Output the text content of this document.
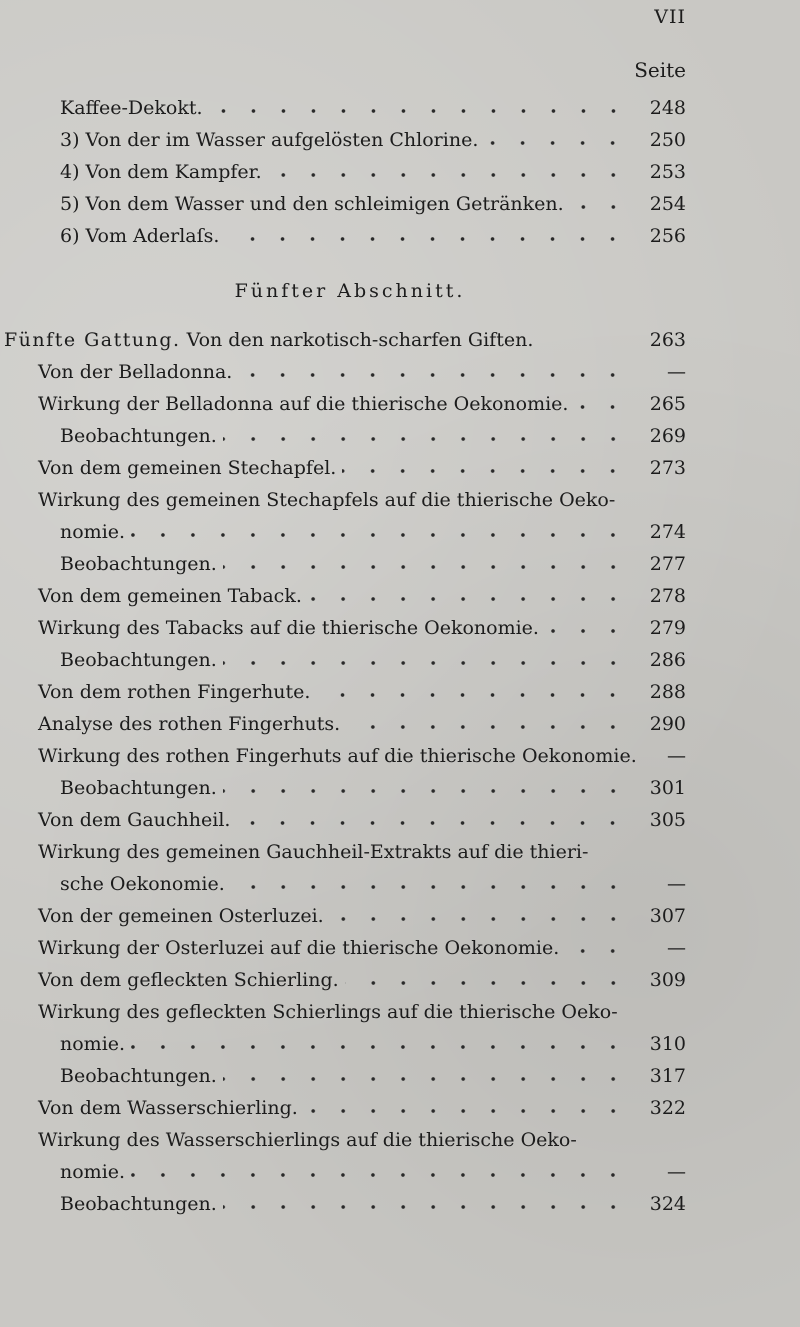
VII
Seite
Fünfter Abschnitt.
Kaffee-Dekokt.	248
3) Von der im Wasser aufgelösten Chlorine.	250
4) Von dem Kampfer.	253
5) Von dem Wasser und den schleimigen Getränken.	254
6) Vom Aderlaſs.	256
Fünfte Gattung. Von den narkotisch-scharfen Giften.	263
Von der Belladonna.	—
Wirkung der Belladonna auf die thierische Oekonomie.	265
Beobachtungen.	269
Von dem gemeinen Stechapfel.	273
Wirkung des gemeinen Stechapfels auf die thierische Oeko-
nomie.	274
Beobachtungen.	277
Von dem gemeinen Taback.	278
Wirkung des Tabacks auf die thierische Oekonomie.	279
Beobachtungen.	286
Von dem rothen Fingerhute.	288
Analyse des rothen Fingerhuts.	290
Wirkung des rothen Fingerhuts auf die thierische Oekonomie.	—
Beobachtungen.	301
Von dem Gauchheil.	305
Wirkung des gemeinen Gauchheil-Extrakts auf die thieri-
sche Oekonomie.	—
Von der gemeinen Osterluzei.	307
Wirkung der Osterluzei auf die thierische Oekonomie.	—
Von dem gefleckten Schierling.	309
Wirkung des gefleckten Schierlings auf die thierische Oeko-
nomie.	310
Beobachtungen.	317
Von dem Wasserschierling.	322
Wirkung des Wasserschierlings auf die thierische Oeko-
nomie.	—
Beobachtungen.	324
